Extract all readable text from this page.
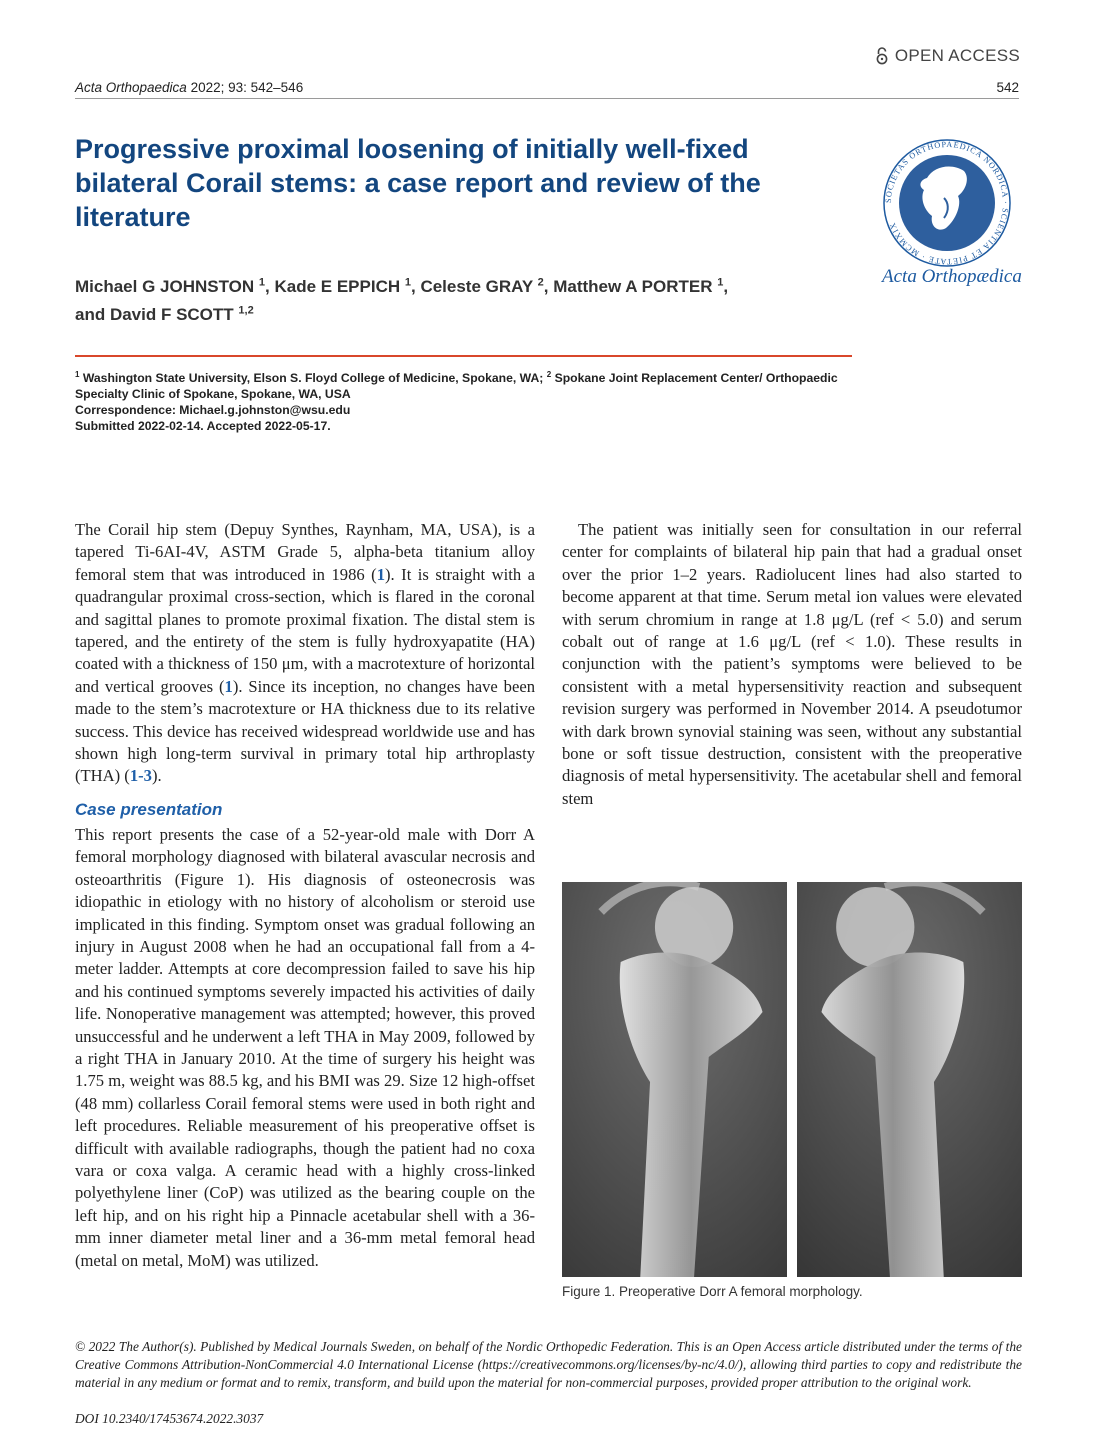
OPEN ACCESS
Acta Orthopaedica 2022; 93: 542–546	542
Progressive proximal loosening of initially well-fixed bilateral Corail stems: a case report and review of the literature
Michael G JOHNSTON $^1$, Kade E EPPICH $^1$, Celeste GRAY $^2$, Matthew A PORTER $^1$,
and David F SCOTT $^{1,2}$
SOCIETAS ORTHOPAEDICA NORDICA · SCIENTIA ET PIETATE · MCMXIX
Acta Orthopædica
$^1$ Washington State University, Elson S. Floyd College of Medicine, Spokane, WA; $^2$ Spokane Joint Replacement Center/ Orthopaedic Specialty Clinic of Spokane, Spokane, WA, USA
Correspondence: Michael.g.johnston@wsu.edu
Submitted 2022-02-14. Accepted 2022-05-17.

The Corail hip stem (Depuy Synthes, Raynham, MA, USA), is a tapered Ti-6AI-4V, ASTM Grade 5, alpha-beta titanium alloy femoral stem that was introduced in 1986 (1). It is straight with a quadrangular proximal cross-section, which is flared in the coronal and sagittal planes to promote proximal fixation. The distal stem is tapered, and the entirety of the stem is fully hydroxyapatite (HA) coated with a thickness of 150 μm, with a macrotexture of horizontal and vertical grooves (1). Since its inception, no changes have been made to the stem’s macrotexture or HA thickness due to its relative success. This device has received widespread worldwide use and has shown high long-term survival in primary total hip arthroplasty (THA) (1-3).

Case presentation

This report presents the case of a 52-year-old male with Dorr A femoral morphology diagnosed with bilateral avascular necrosis and osteoarthritis (Figure 1). His diagnosis of osteonecrosis was idiopathic in etiology with no history of alcoholism or steroid use implicated in this finding. Symptom onset was gradual following an injury in August 2008 when he had an occupational fall from a 4-meter ladder. Attempts at core decompression failed to save his hip and his continued symptoms severely impacted his activities of daily life. Nonoperative management was attempted; however, this proved unsuccessful and he underwent a left THA in May 2009, followed by a right THA in January 2010. At the time of surgery his height was 1.75 m, weight was 88.5 kg, and his BMI was 29. Size 12 high-offset (48 mm) collarless Corail femoral stems were used in both right and left procedures. Reliable measurement of his preoperative offset is difficult with available radiographs, though the patient had no coxa vara or coxa valga. A ceramic head with a highly cross-linked polyethylene liner (CoP) was utilized as the bearing couple on the left hip, and on his right hip a Pinnacle acetabular shell with a 36-mm inner diameter metal liner and a 36-mm metal femoral head (metal on metal, MoM) was utilized.

The patient was initially seen for consultation in our referral center for complaints of bilateral hip pain that had a gradual onset over the prior 1–2 years. Radiolucent lines had also started to become apparent at that time. Serum metal ion values were elevated with serum chromium in range at 1.8 μg/L (ref < 5.0) and serum cobalt out of range at 1.6 μg/L (ref < 1.0). These results in conjunction with the patient’s symptoms were believed to be consistent with a metal hypersensitivity reaction and subsequent revision surgery was performed in November 2014. A pseudotumor with dark brown synovial staining was seen, without any substantial bone or soft tissue destruction, consistent with the preoperative diagnosis of metal hypersensitivity. The acetabular shell and femoral stem

Figure 1. Preoperative Dorr A femoral morphology.
© 2022 The Author(s). Published by Medical Journals Sweden, on behalf of the Nordic Orthopedic Federation. This is an Open Access article distributed under the terms of the Creative Commons Attribution-NonCommercial 4.0 International License (https://creativecommons.org/licenses/by-nc/4.0/), allowing third parties to copy and redistribute the material in any medium or format and to remix, transform, and build upon the material for non-commercial purposes, provided proper attribution to the original work.
DOI 10.2340/17453674.2022.3037
